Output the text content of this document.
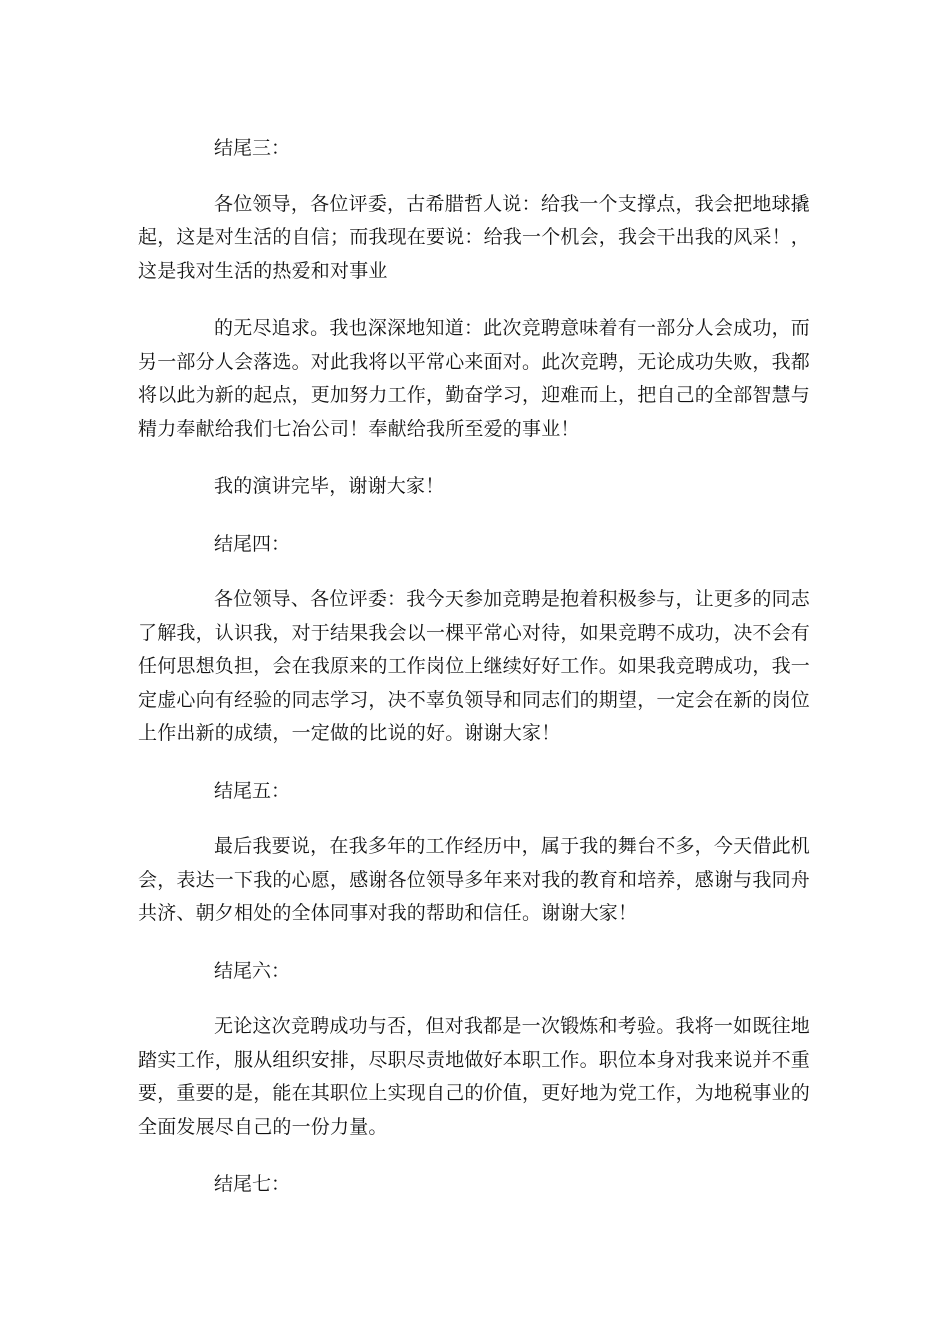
结尾三：

各位领导，各位评委，古希腊哲人说：给我一个支撑点，我会把地球撬起，这是对生活的自信；而我现在要说：给我一个机会，我会干出我的风采！，这是我对生活的热爱和对事业

的无尽追求。我也深深地知道：此次竞聘意味着有一部分人会成功，而另一部分人会落选。对此我将以平常心来面对。此次竞聘，无论成功失败，我都将以此为新的起点，更加努力工作，勤奋学习，迎难而上，把自己的全部智慧与精力奉献给我们七冶公司！奉献给我所至爱的事业！

我的演讲完毕，谢谢大家！

结尾四：

各位领导、各位评委：我今天参加竞聘是抱着积极参与，让更多的同志了解我，认识我，对于结果我会以一棵平常心对待，如果竞聘不成功，决不会有任何思想负担，会在我原来的工作岗位上继续好好工作。如果我竞聘成功，我一定虚心向有经验的同志学习，决不辜负领导和同志们的期望，一定会在新的岗位上作出新的成绩，一定做的比说的好。谢谢大家！

结尾五：

最后我要说，在我多年的工作经历中，属于我的舞台不多，今天借此机会，表达一下我的心愿，感谢各位领导多年来对我的教育和培养，感谢与我同舟共济、朝夕相处的全体同事对我的帮助和信任。谢谢大家！

结尾六：

无论这次竞聘成功与否，但对我都是一次锻炼和考验。我将一如既往地踏实工作，服从组织安排，尽职尽责地做好本职工作。职位本身对我来说并不重要，重要的是，能在其职位上实现自己的价值，更好地为党工作，为地税事业的全面发展尽自己的一份力量。

结尾七：
